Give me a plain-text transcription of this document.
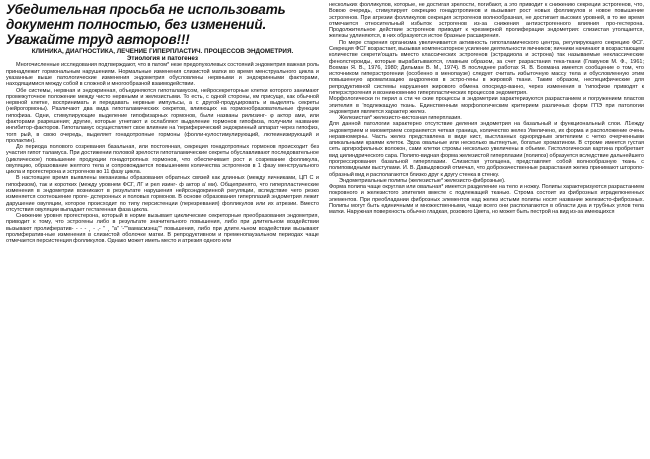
Убедительная просьба не использовать документ полностью, без изменений. Уважайте труд авторов!!!
КЛИНИКА, ДИАГНОСТИКА, ЛЕЧЕНИЕ ГИПЕРПЛАСТИЧ. ПРОЦЕССОВ ЭНДОМЕТРИЯ.
Этиология и патогенез

Многочисленные исследования подтверждают, что в патом* незе предопухолевых состояний эндометрия важная роль принадлежит гормональным нарушениям. Нормальные изменения слизистой матки во время менструального цикла и указанные выше патологические изменения эндометрия обусловлены нервными и эндокринными факторами, находящимися между собой в сложной и многообразной взаимодействии.

Обе системы, нервная и эндокринная, объединяются гипоталамусом, нейросекреторные клетки которого занимают промежуточное положение между чисто нервными и железистыми. То есть, с одной стороны, км присуще, как обычной нервной клетке, воспринимать и передавать нервные импульсы, а с другой-продуцировать и выделять секреты (нейрогормоны). Различают два вида гипоталамических секретов, влияющих на гормонобразовательные функции гипофиза. Одни, стимулирующие выделение гипофизарных гормонов, были названы рилизинг- φ актор ами, или факторами разрешения; другие, которые угнетают и ослабляют выделение гормонов гипофиза, получили название ингибитор-факторов. Гипоталамус осуществляет свое влияние на 'периферический эндокринный аппарат через гипофиз, тогп рый, в свою очередь, выделяет гонадотропные гормоны (фолли-кулостимулирующий, лютеинизирующий и пролактин).

До периода полового созревания базальная, или постоянная, секреция гонадотропных гормонов происходит без участия гипот таламуса. При достижении половой зрелости гипоталамические секреты обуславливают последовательное (циклическое) повышение продукции гонадотропных гормонов, что обеспечивает рост и созревание фолликула, овуляцию, образование желтого тела и сопровождается повышением количества эстрогенов в 1 фазу менструального цикла и прогестерона и эстрогенов во 11 фазу цикла.

В настоящее время выявлены механизмы образования обратных связей как длинных (между яичниками, ЦП С и гипофизом), так и коротких (между уровнем ФСГ, ЛГ и рел изинг- ф актор а' ми). Общепринято, что гиперпластические изменения в эндометрии возникают в результате нарушения нейроэндокринной регуляции, вследствие чего резко изменяется соотношение проге- дстеронных и половых гормонов. В основе образования гиперплазий эндометрия лежит дарушение овуляции, которое происходит по типу персистенции (перезревания) фолликулов или их атрезии. Вместо отсутствия овуляции выпадает гестагенная фаза цикла.

Снижение уровня прогестерона, который в норме вызывает циклические секреторные преобразования эндометрия, приводит к тому, что эстрогены либо в результате значительного повышения, либо при длительном воздействии вызывают пролифератив- - - - ¸ - ,- " ¸ "a" '-""вамасмэнщ"" повышения, либо при длите.чьном воздействии вызывают пролифератив-ные изменения в слизистой оболочке матки. В репродуктивном и пременопаузальном периодах чаще отмечается персистенция фолликулов. Однако может иметь место и атрезия одного или

нескольких фолликулов, которые, не достигая зрелости, погибают, а это приводит к снижению секреции эстрогенов, что, Вовою очередь, стимулирует секрецию гонадотропинов и вызывает рост новых фолликулов и новое повышение эстрогенов. При атрезии фолликулов секреция эстрогенов волнообразная, не достигает высоких уровней, в то же время отмечается относительный избыток эстрогенов из-за снижения антиэстрогенного влияния про-гестерона. Продолжительное действие эстрогенов приводит к чрезмерной пролиферации эндометрия: слизистая утолщается, железы удлиняются, в них образуются истое бразные расширения.

По мере старения организма увеличивается активность гипоталамического центра, регулирующего секрецию ФСГ. Секреция ФСГ возрастает, вызывая компенсаторное усиление деятельности яичников; яичники начинают в возрастающем количестве секрети'ощать вместо классических эстрогенов (эстрадиола и эстрона) так называемые неклассические фенолстероиды, которые вырабатываются, главным образом, за счет разрастания тека-ткани (Главунов М. Ф., 1961; Вохман Я. В., 1976, 1980; Дильман В. М., 1974). В последнее работах Я. В. Бохмана имеется сообщение о том, что источником гиперэстрогении (особенно в менопаузе) следует считать избыточную массу тела и обусловленную этим повышенную ароматизацию андрогенов в эстро-гены в жировой ткани. Таким образом, неспецифические для репродуктивной системы нарушения жирового обмена опосредо-ванно, через изменения в 'гипофизе приводят к гиперэстрогения и возникновению гиперпластических процессов эндометрия.

Морфологически гн перил а сти че ские процессы в эндометрии характеризуются разрастанием и погружением пластов эпителия в 'подлежащую ткань. Единственным морфологическим критерием различных форм ГПЭ при патологии эндометрия является характер желез.

Железистая* железисто-кистозная гиперплазия.

Для данной патологии характерно отсутствие деления эндометрия на базальный и функциональный слои. Л1ежду эндометрием и миометрием сохраняется четкая граница, количество желез Увеличено, их форма и расположение очень неравномерны. Часть желез представлена в виде кист, выстланных однорядным эпителием с четко очерченными апикальными краями клеток. Эдоа овальные или несколько вытянутые, богатые хроматином. В строме имеется густая сеть аргирофильных волокон, сами клетки стромы несколько увеличены в объеме. Гистологическая картина пробретает вид цилиндрического сара. Полипо-видная форма железистой гиперплазии (полипоз) образуется вследствие дальнейшего прогрессирования базальной гиперплазии. Слизистая утолщена, представляет собой волнообразную ткань с полиповидными выступами. И. В. Давыдовский отмечал, что доброкачественные разрастания желез принимают шторопо-образный вид и располагаются близко друг к другу стенка в стенку.

Эндометриальные полипы (железистые* железисто-фиброзные).

Форма полипа чаще округлая или овальная* имеется разделение на тело и ножку. Полипы характеризуются разрастанием покровного и железистого эпителия вместе с подлежащей тканью. Строма состоит из фиброзных играделюненных элементов. При преобладании фиброзных элементов над желез истыми полипы носят название железисто-фиброзных. Полипы могут быть единичными и множественными, чаще всего они располагаются в области дна и трубных углов тела матки. Наружная поверхность обычно гладкая, розового Цвета, но может быть пестрой на вид из-за имеющихся
